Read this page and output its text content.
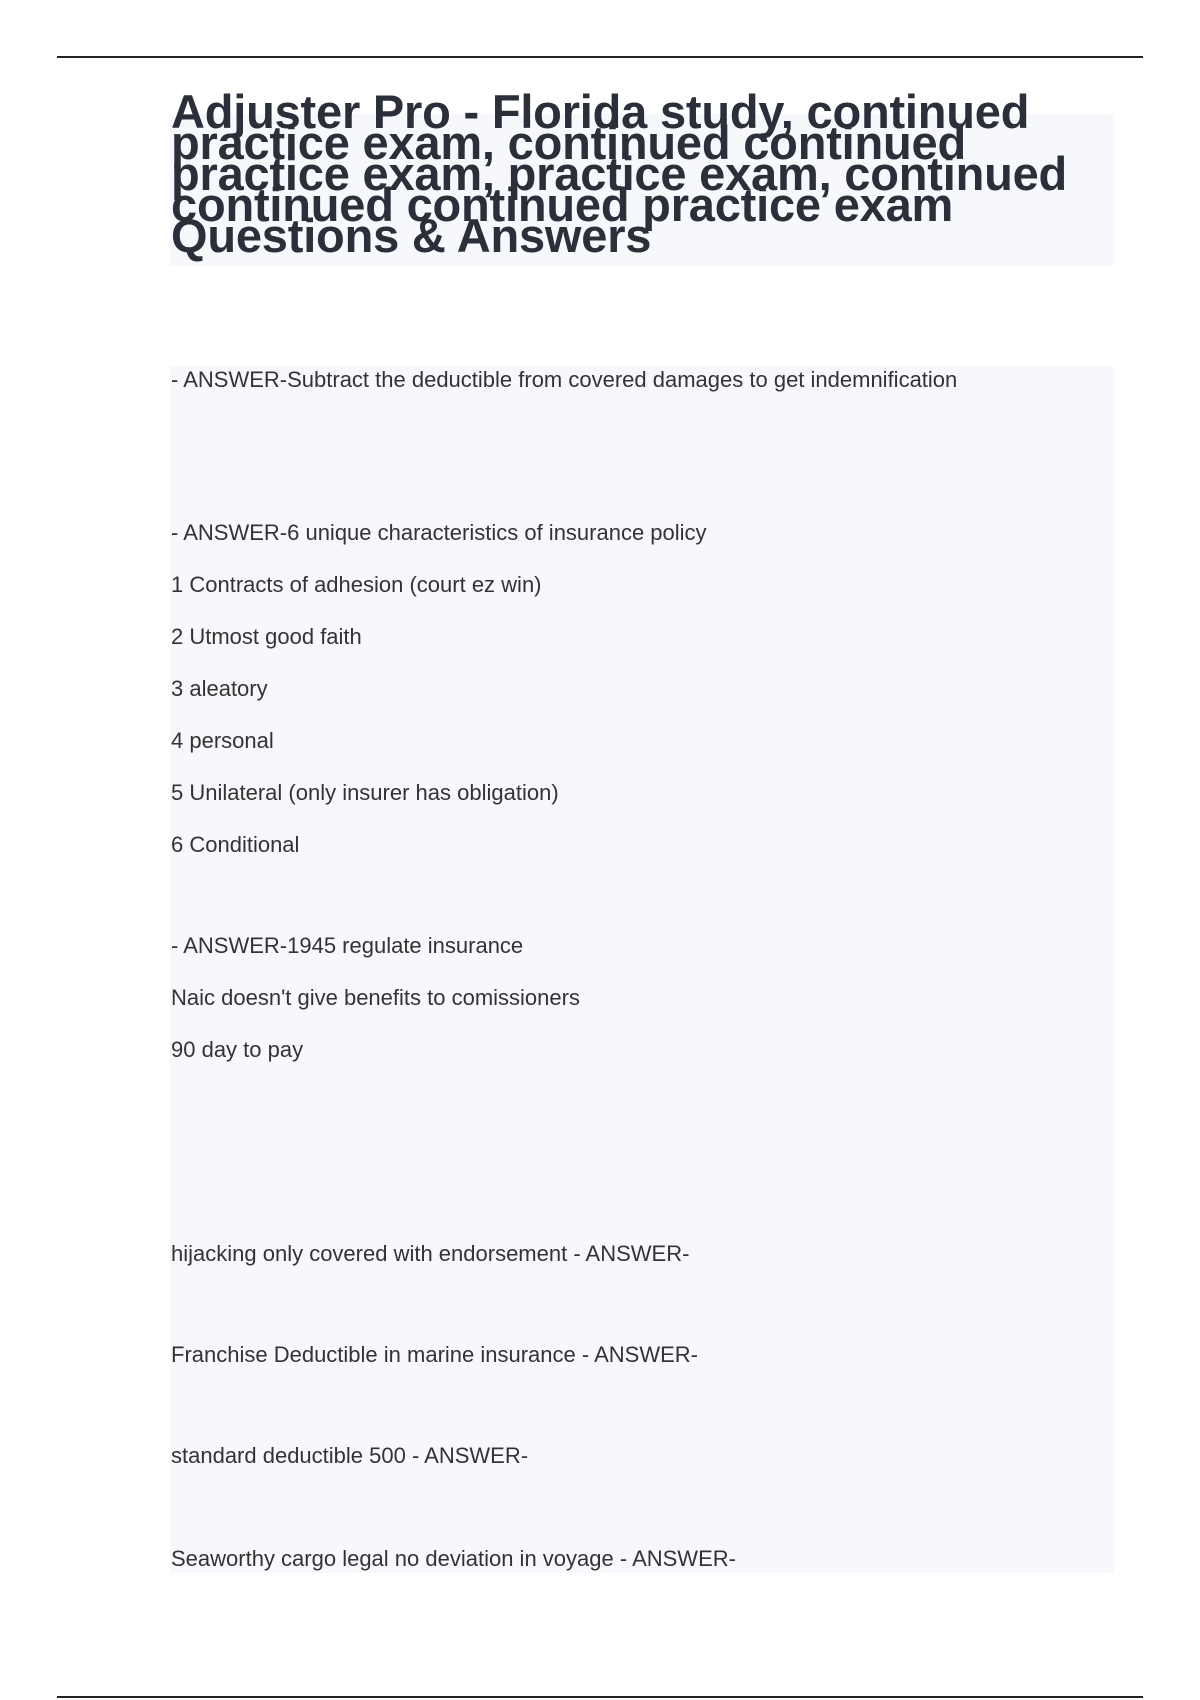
Adjuster Pro - Florida study, continued practice exam, continued continued practice exam, practice exam, continued continued continued practice exam Questions & Answers

- ANSWER-Subtract the deductible from covered damages to get indemnification

- ANSWER-6 unique characteristics of insurance policy

1 Contracts of adhesion (court ez win)

2 Utmost good faith

3 aleatory

4 personal

5 Unilateral (only insurer has obligation)

6 Conditional

- ANSWER-1945 regulate insurance

Naic doesn't give benefits to comissioners

90 day to pay

hijacking only covered with endorsement - ANSWER-

Franchise Deductible in marine insurance - ANSWER-

standard deductible 500 - ANSWER-

Seaworthy cargo legal no deviation in voyage - ANSWER-
